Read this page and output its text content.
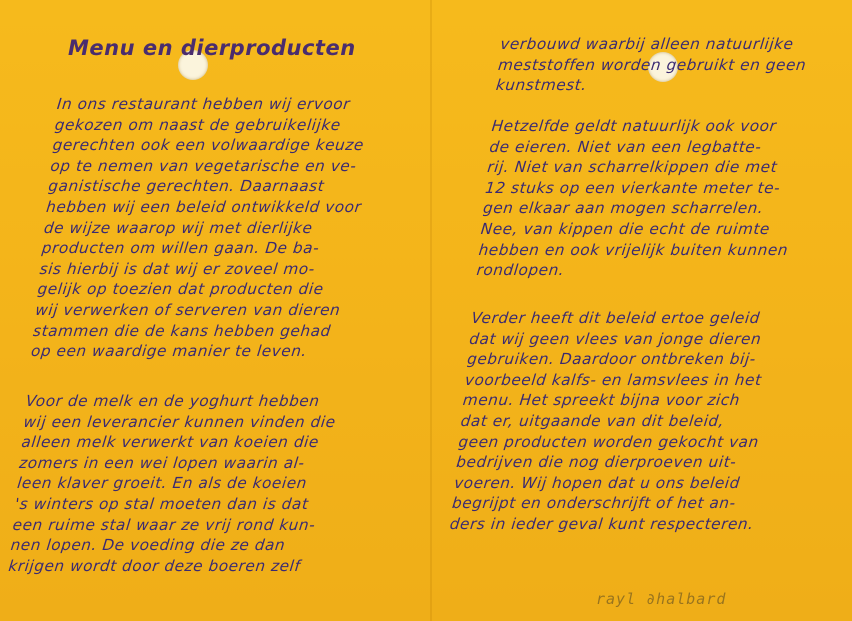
Menu en dierproducten
In ons restaurant hebben wij ervoor
gekozen om naast de gebruikelijke
gerechten ook een volwaardige keuze
op te nemen van vegetarische en ve-
ganistische gerechten. Daarnaast
hebben wij een beleid ontwikkeld voor
de wijze waarop wij met dierlijke
producten om willen gaan. De ba-
sis hierbij is dat wij er zoveel mo-
gelijk op toezien dat producten die
wij verwerken of serveren van dieren
stammen die de kans hebben gehad
op een waardige manier te leven.
Voor de melk en de yoghurt hebben
wij een leverancier kunnen vinden die
alleen melk verwerkt van koeien die
zomers in een wei lopen waarin al-
leen klaver groeit. En als de koeien
's winters op stal moeten dan is dat
een ruime stal waar ze vrij rond kun-
nen lopen. De voeding die ze dan
krijgen wordt door deze boeren zelf
verbouwd waarbij alleen natuurlijke
meststoffen worden gebruikt en geen
kunstmest.
Hetzelfde geldt natuurlijk ook voor
de eieren. Niet van een legbatte-
rij. Niet van scharrelkippen die met
12 stuks op een vierkante meter te-
gen elkaar aan mogen scharrelen.
Nee, van kippen die echt de ruimte
hebben en ook vrijelijk buiten kunnen
rondlopen.
Verder heeft dit beleid ertoe geleid
dat wij geen vlees van jonge dieren
gebruiken. Daardoor ontbreken bij-
voorbeeld kalfs- en lamsvlees in het
menu. Het spreekt bijna voor zich
dat er, uitgaande van dit beleid,
geen producten worden gekocht van
bedrijven die nog dierproeven uit-
voeren. Wij hopen dat u ons beleid
begrijpt en onderschrijft of het an-
ders in ieder geval kunt respecteren.
rayl ∂halbard
